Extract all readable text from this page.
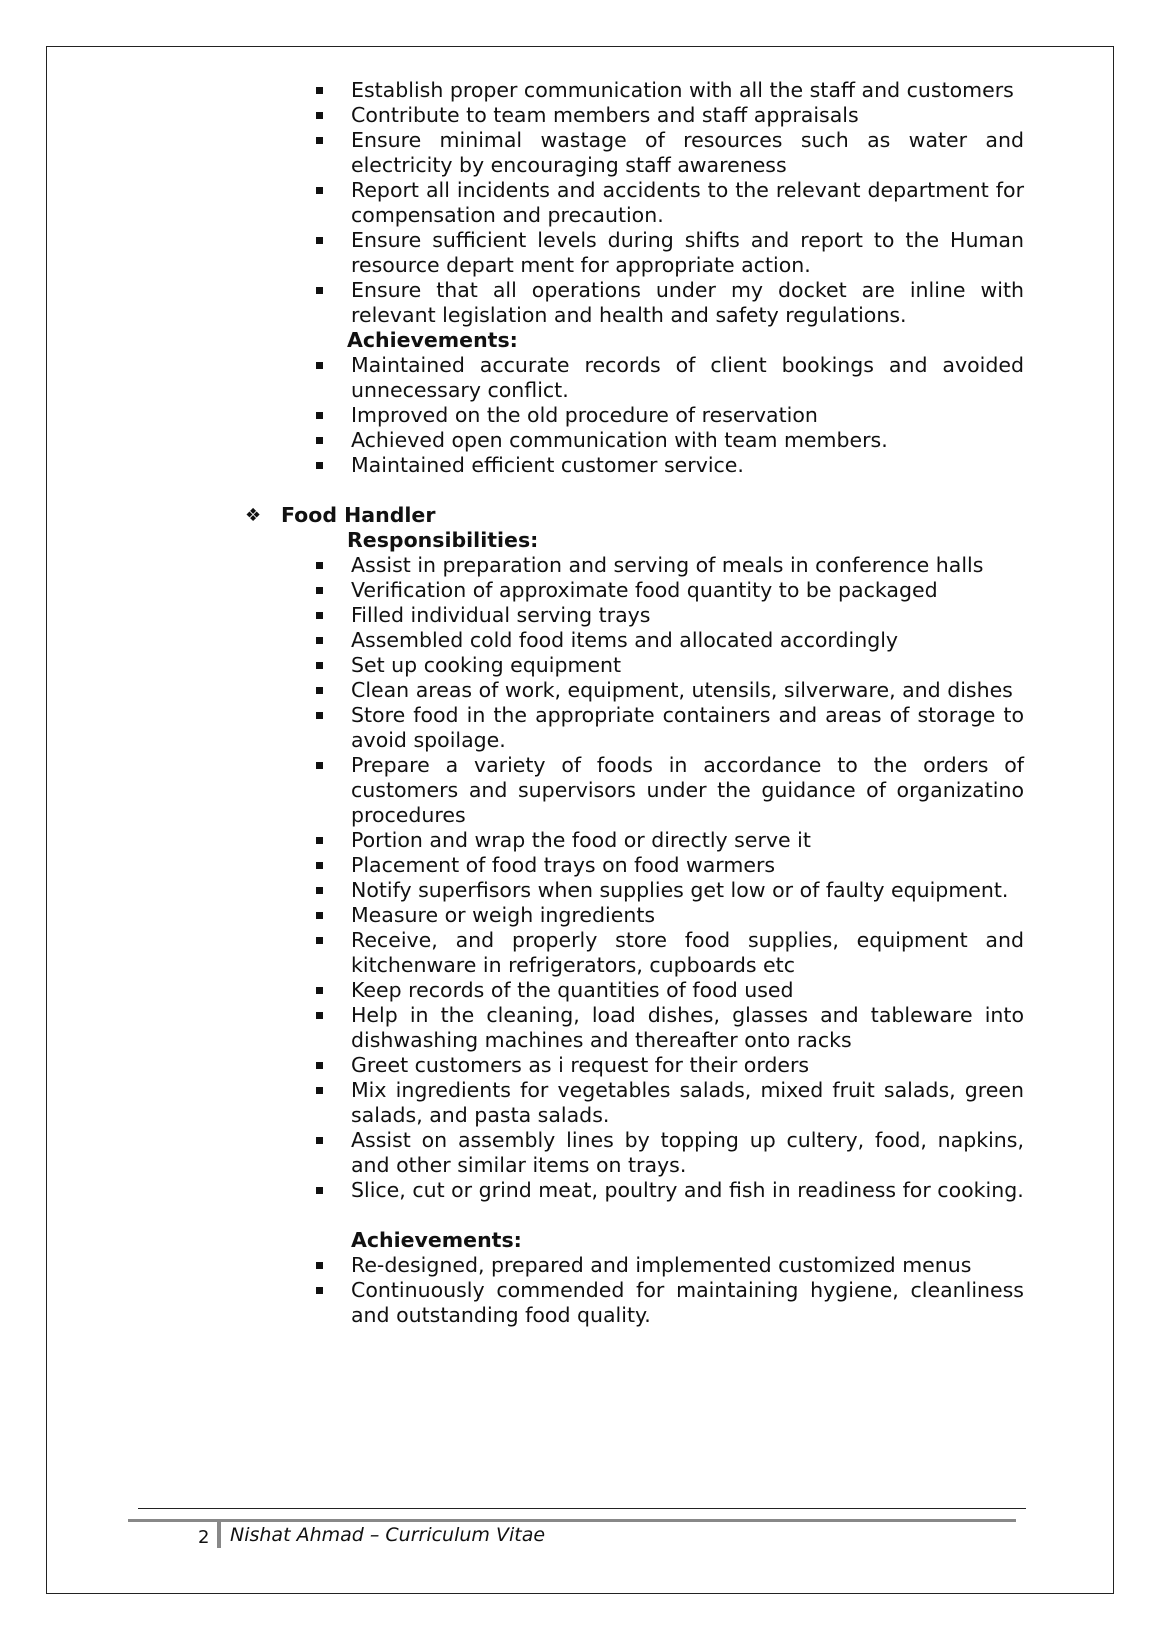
Establish proper communication with all the staff and customers
Contribute to team members and staff appraisals
Ensure minimal wastage of resources such as water and electricity by encouraging staff awareness
Report all incidents and accidents to the relevant department for compensation and precaution.
Ensure sufficient levels during shifts and report to the Human resource depart ment for appropriate action.
Ensure that all operations under my docket are inline with relevant legislation and health and safety regulations.
Achievements:
Maintained accurate records of client bookings and avoided unnecessary conflict.
Improved on the old procedure of reservation
Achieved open communication with team members.
Maintained efficient customer service.
❖ Food Handler
Responsibilities:
Assist in preparation and serving of meals in conference halls
Verification of approximate food quantity to be packaged
Filled individual serving trays
Assembled cold food items and allocated accordingly
Set up cooking equipment
Clean areas of work, equipment, utensils, silverware, and dishes
Store food in the appropriate containers and areas of storage to avoid spoilage.
Prepare a variety of foods in accordance to the orders of customers and supervisors under the guidance of organizatino procedures
Portion and wrap the food or directly serve it
Placement of food trays on food warmers
Notify superfisors when supplies get low or of faulty equipment.
Measure or weigh ingredients
Receive, and properly store food supplies, equipment and kitchenware in refrigerators, cupboards etc
Keep records of the quantities of food used
Help in the cleaning, load dishes, glasses and tableware into dishwashing machines and thereafter onto racks
Greet customers as i request for their orders
Mix ingredients for vegetables salads, mixed fruit salads, green salads, and pasta salads.
Assist on assembly lines by topping up cultery, food, napkins, and other similar items on trays.
Slice, cut or grind meat, poultry and fish in readiness for cooking.
Achievements:
Re-designed, prepared and implemented customized menus
Continuously commended for maintaining hygiene, cleanliness and outstanding food quality.
2 Nishat Ahmad – Curriculum Vitae
